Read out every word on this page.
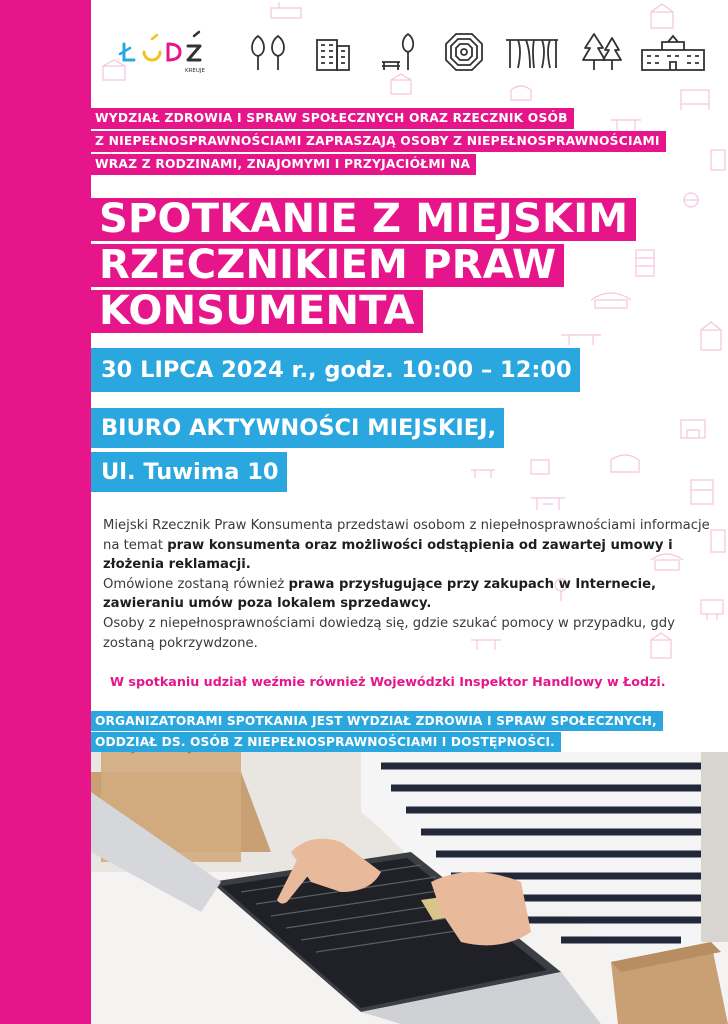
KREUJE
WYDZIAŁ ZDROWIA I SPRAW SPOŁECZNYCH ORAZ RZECZNIK OSÓB
Z NIEPEŁNOSPRAWNOŚCIAMI ZAPRASZAJĄ OSOBY Z NIEPEŁNOSPRAWNOŚCIAMI
WRAZ Z RODZINAMI, ZNAJOMYMI I PRZYJACIÓŁMI NA
SPOTKANIE Z MIEJSKIM
RZECZNIKIEM PRAW
KONSUMENTA
30 LIPCA 2024 r., godz. 10:00 – 12:00
BIURO AKTYWNOŚCI MIEJSKIEJ,
Ul. Tuwima 10
Miejski Rzecznik Praw Konsumenta przedstawi osobom z niepełnosprawnościami informacje na temat praw konsumenta oraz możliwości odstąpienia od zawartej umowy i złożenia reklamacji.
Omówione zostaną również prawa przysługujące przy zakupach w Internecie, zawieraniu umów poza lokalem sprzedawcy.
Osoby z niepełnosprawnościami dowiedzą się, gdzie szukać pomocy w przypadku, gdy zostaną pokrzywdzone.
W spotkaniu udział weźmie również Wojewódzki Inspektor Handlowy w Łodzi.
ORGANIZATORAMI SPOTKANIA JEST WYDZIAŁ ZDROWIA I SPRAW SPOŁECZNYCH,
ODDZIAŁ DS. OSÓB Z NIEPEŁNOSPRAWNOŚCIAMI I DOSTĘPNOŚCI.
